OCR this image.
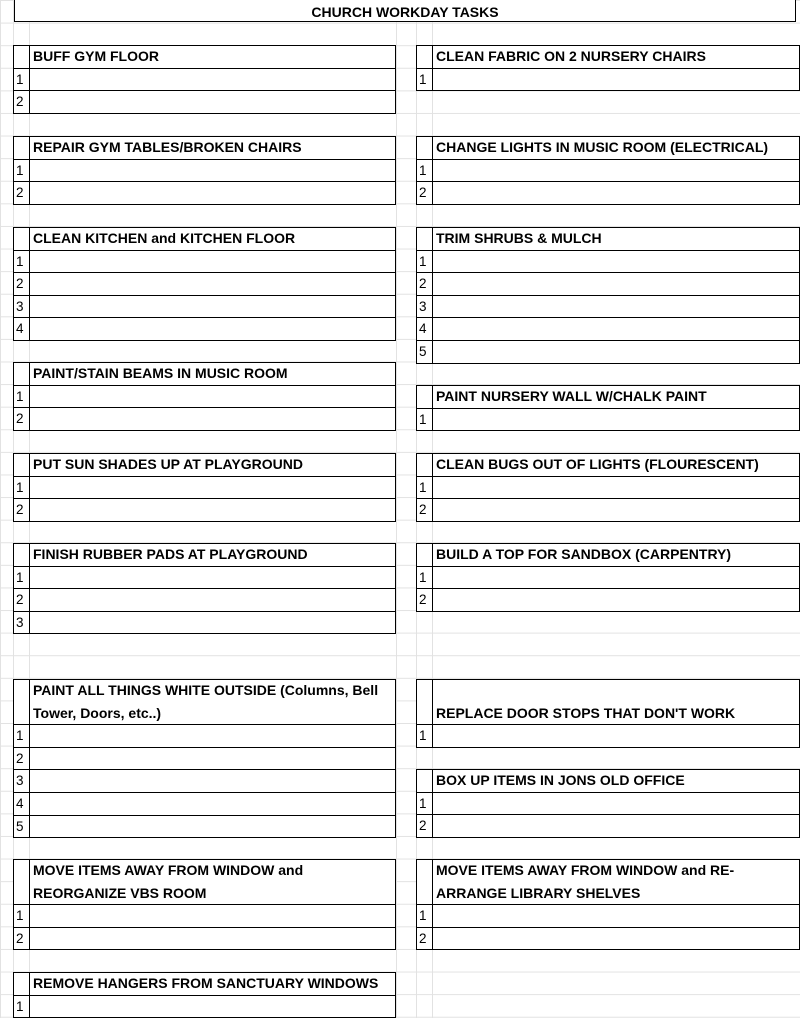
CHURCH WORKDAY TASKS
BUFF GYM FLOOR
1
2
CLEAN FABRIC ON 2 NURSERY CHAIRS
1
REPAIR GYM TABLES/BROKEN CHAIRS
1
2
CHANGE LIGHTS IN MUSIC ROOM (ELECTRICAL)
1
2
CLEAN KITCHEN and KITCHEN FLOOR
1
2
3
4
TRIM SHRUBS & MULCH
1
2
3
4
5
PAINT/STAIN BEAMS IN MUSIC ROOM
1
2
PAINT NURSERY WALL W/CHALK PAINT
1
PUT SUN SHADES UP AT PLAYGROUND
1
2
CLEAN BUGS OUT OF LIGHTS (FLOURESCENT)
1
2
FINISH RUBBER PADS AT PLAYGROUND
1
2
3
BUILD A TOP FOR SANDBOX (CARPENTRY)
1
2
PAINT ALL THINGS WHITE OUTSIDE (Columns, Bell Tower, Doors, etc..)
1
2
3
4
5
REPLACE DOOR STOPS THAT DON'T WORK
1
BOX UP ITEMS IN JONS OLD OFFICE
1
2
MOVE ITEMS AWAY FROM WINDOW and REORGANIZE VBS ROOM
1
2
MOVE ITEMS AWAY FROM WINDOW and RE-ARRANGE LIBRARY SHELVES
1
2
REMOVE HANGERS FROM SANCTUARY WINDOWS
1
